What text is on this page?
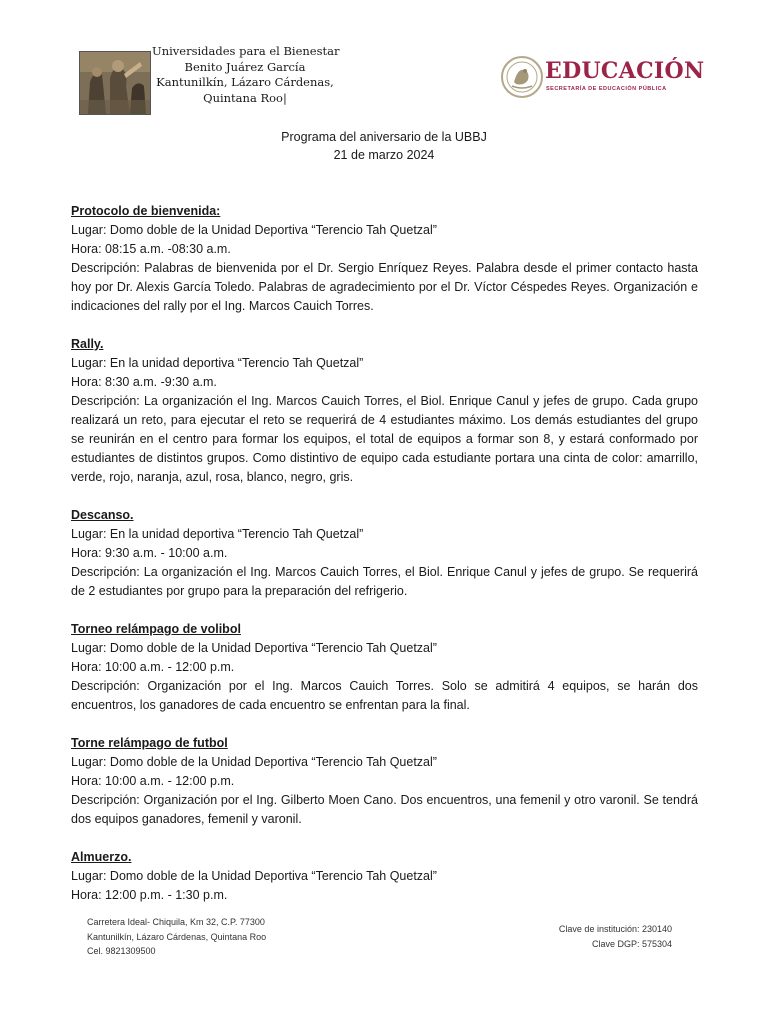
Universidades para el Bienestar
Benito Juárez García
Kantunilkín, Lázaro Cárdenas,
Quintana Roo|
EDUCACIÓN
SECRETARÍA DE EDUCACIÓN PÚBLICA
Programa del aniversario de la UBBJ
21 de marzo 2024
Protocolo de bienvenida:

Lugar: Domo doble de la Unidad Deportiva “Terencio Tah Quetzal”

Hora: 08:15 a.m. -08:30 a.m.

Descripción: Palabras de bienvenida por el Dr. Sergio Enríquez Reyes. Palabra desde el primer contacto hasta hoy por Dr. Alexis García Toledo. Palabras de agradecimiento por el Dr. Víctor Céspedes Reyes. Organización e indicaciones del rally por el Ing. Marcos Cauich Torres.

Rally.

Lugar: En la unidad deportiva “Terencio Tah Quetzal”

Hora: 8:30 a.m. -9:30 a.m.

Descripción: La organización el Ing. Marcos Cauich Torres, el Biol. Enrique Canul y jefes de grupo. Cada grupo realizará un reto, para ejecutar el reto se requerirá de 4 estudiantes máximo. Los demás estudiantes del grupo se reunirán en el centro para formar los equipos, el total de equipos a formar son 8, y estará conformado por estudiantes de distintos grupos. Como distintivo de equipo cada estudiante portara una cinta de color: amarrillo, verde, rojo, naranja, azul, rosa, blanco, negro, gris.

Descanso.

Lugar: En la unidad deportiva “Terencio Tah Quetzal”

Hora: 9:30 a.m. - 10:00 a.m.

Descripción: La organización el Ing. Marcos Cauich Torres, el Biol. Enrique Canul y jefes de grupo. Se requerirá de 2 estudiantes por grupo para la preparación del refrigerio.

Torneo relámpago de volibol

Lugar: Domo doble de la Unidad Deportiva “Terencio Tah Quetzal”

Hora: 10:00 a.m. - 12:00 p.m.

Descripción: Organización por el Ing. Marcos Cauich Torres. Solo se admitirá 4 equipos, se harán dos encuentros, los ganadores de cada encuentro se enfrentan para la final.

Torne relámpago de futbol

Lugar: Domo doble de la Unidad Deportiva “Terencio Tah Quetzal”

Hora: 10:00 a.m. - 12:00 p.m.

Descripción: Organización por el Ing. Gilberto Moen Cano. Dos encuentros, una femenil y otro varonil. Se tendrá dos equipos ganadores, femenil y varonil.

Almuerzo.

Lugar: Domo doble de la Unidad Deportiva “Terencio Tah Quetzal”

Hora: 12:00 p.m. - 1:30 p.m.

Carretera Ideal- Chiquila, Km 32, C.P. 77300
Kantunilkín, Lázaro Cárdenas, Quintana Roo
Cel. 9821309500
Clave de institución: 230140
Clave DGP: 575304
